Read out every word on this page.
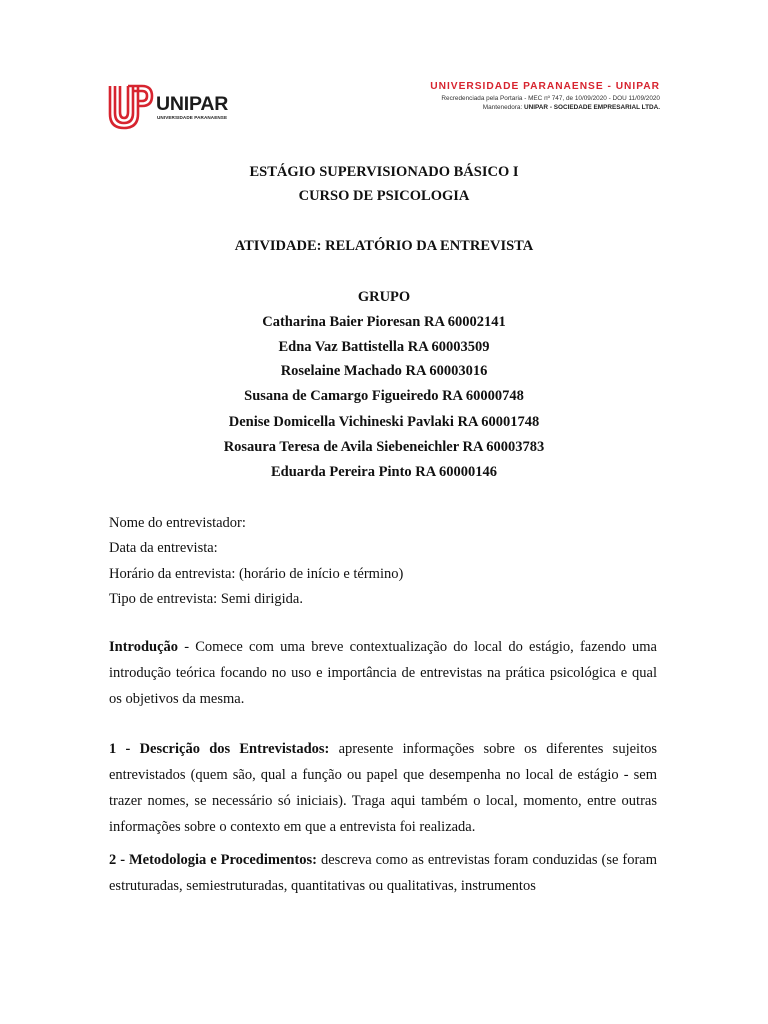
UNIPAR
UNIVERSIDADE PARANAENSE
UNIVERSIDADE PARANAENSE - UNIPAR
Recredenciada pela Portaria - MEC nº 747, de 10/09/2020 - DOU 11/09/2020
Mantenedora: UNIPAR - SOCIEDADE EMPRESARIAL LTDA.
ESTÁGIO SUPERVISIONADO BÁSICO I
CURSO DE PSICOLOGIA
ATIVIDADE: RELATÓRIO DA ENTREVISTA
GRUPO
Catharina Baier Pioresan RA 60002141
Edna Vaz Battistella RA 60003509
Roselaine Machado RA 60003016
Susana de Camargo Figueiredo RA 60000748
Denise Domicella Vichineski Pavlaki RA 60001748
Rosaura Teresa de Avila Siebeneichler RA 60003783
Eduarda Pereira Pinto RA 60000146
Nome do entrevistador:
Data da entrevista:
Horário da entrevista: (horário de início e término)
Tipo de entrevista: Semi dirigida.
Introdução - Comece com uma breve contextualização do local do estágio, fazendo uma introdução teórica focando no uso e importância de entrevistas na prática psicológica e qual os objetivos da mesma.
1 - Descrição dos Entrevistados: apresente informações sobre os diferentes sujeitos entrevistados (quem são, qual a função ou papel que desempenha no local de estágio - sem trazer nomes, se necessário só iniciais). Traga aqui também o local, momento, entre outras informações sobre o contexto em que a entrevista foi realizada.
2 - Metodologia e Procedimentos: descreva como as entrevistas foram conduzidas (se foram estruturadas, semiestruturadas, quantitativas ou qualitativas, instrumentos
